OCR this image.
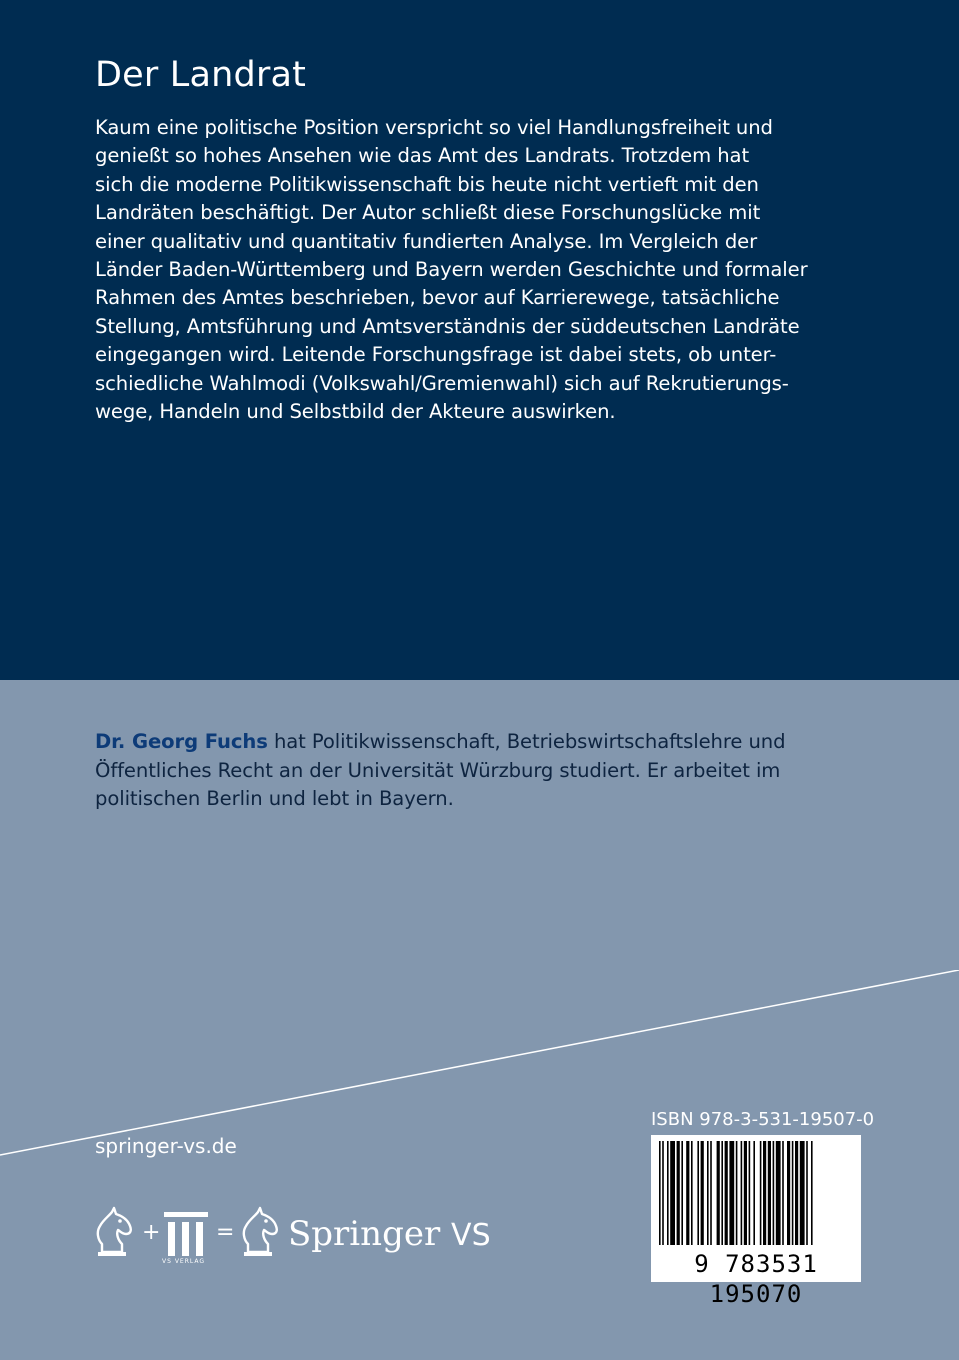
Der Landrat

Kaum eine politische Position verspricht so viel Handlungsfreiheit und
genießt so hohes Ansehen wie das Amt des Landrats. Trotzdem hat
sich die moderne Politikwissenschaft bis heute nicht vertieft mit den
Landräten beschäftigt. Der Autor schließt diese Forschungslücke mit
einer qualitativ und quantitativ fundierten Analyse. Im Vergleich der
Länder Baden-Württemberg und Bayern werden Geschichte und formaler
Rahmen des Amtes beschrieben, bevor auf Karrierewege, tatsächliche
Stellung, Amtsführung und Amtsverständnis der süddeutschen Landräte
eingegangen wird. Leitende Forschungsfrage ist dabei stets, ob unter-
schiedliche Wahlmodi (Volkswahl/Gremienwahl) sich auf Rekrutierungs-
wege, Handeln und Selbstbild der Akteure auswirken.

Dr. Georg Fuchs hat Politikwissenschaft, Betriebswirtschaftslehre und
Öffentliches Recht an der Universität Würzburg studiert. Er arbeitet im
politischen Berlin und lebt in Bayern.

springer-vs.de

ISBN 978-3-531-19507-0

9 783531 195070

+

VS VERLAG

= Springer VS
